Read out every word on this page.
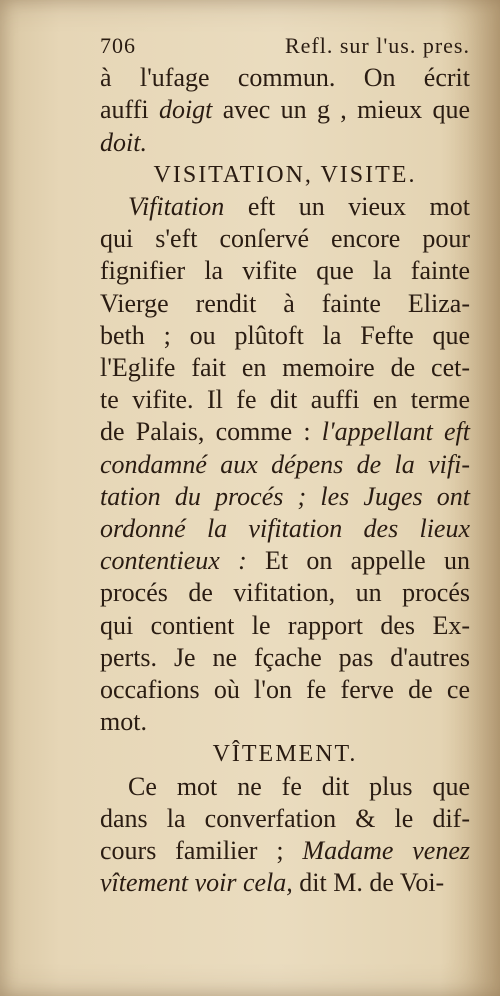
706	Refl. sur l'us. pres.
à l'ufage commun. On écrit
auffi doigt avec un g , mieux que
doit.
VISITATION, VISITE.
Vifitation eft un vieux mot
qui s'eft conſervé encore pour
fignifier la vifite que la fainte
Vierge rendit à fainte Eliza-
beth ; ou plûtoft la Fefte que
l'Eglife fait en memoire de cet-
te vifite. Il fe dit auffi en terme
de Palais, comme : l'appellant eft
condamné aux dépens de la vifi-
tation du procés ; les Juges ont
ordonné la vifitation des lieux
contentieux : Et on appelle un
procés de vifitation, un procés
qui contient le rapport des Ex-
perts. Je ne fçache pas d'autres
occafions où l'on fe ferve de ce
mot.
VÎTEMENT.
Ce mot ne fe dit plus que
dans la converfation & le dif-
cours familier ; Madame venez
vîtement voir cela, dit M. de Voi-
